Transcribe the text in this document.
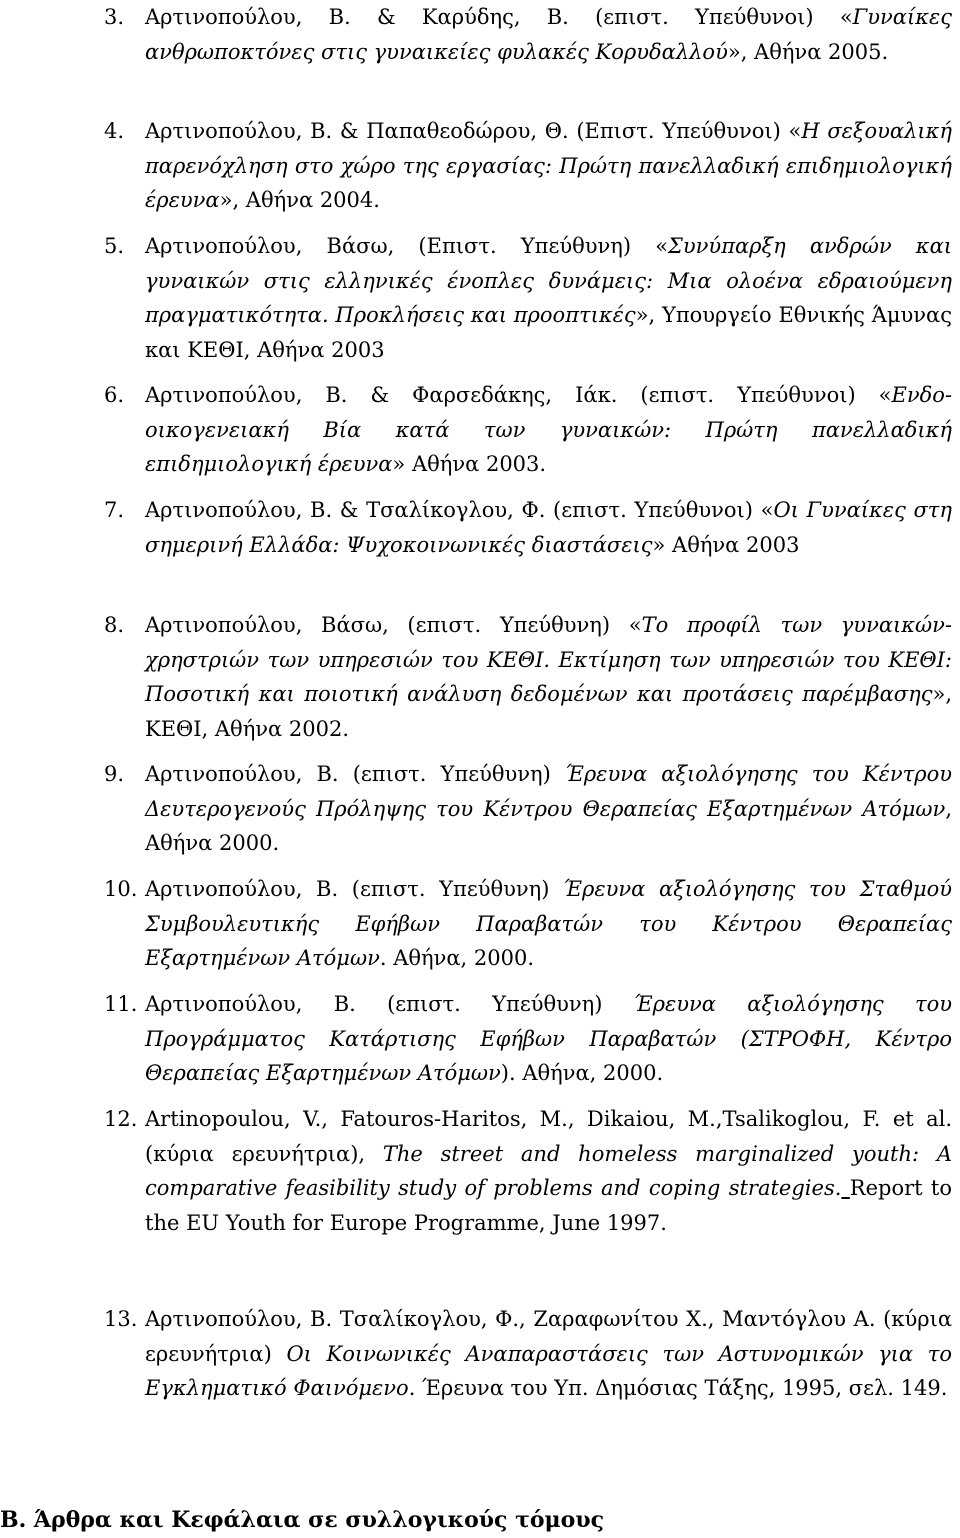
3. Αρτινοπούλου, Β. & Καρύδης, Β. (επιστ. Υπεύθυνοι) «Γυναίκες ανθρωποκτόνες στις γυναικείες φυλακές Κορυδαλλού», Αθήνα 2005.
4. Αρτινοπούλου, Β. & Παπαθεοδώρου, Θ. (Επιστ. Υπεύθυνοι) «Η σεξουαλική παρενόχληση στο χώρο της εργασίας: Πρώτη πανελλαδική επιδημιολογική έρευνα», Αθήνα 2004.
5. Αρτινοπούλου, Βάσω, (Επιστ. Υπεύθυνη) «Συνύπαρξη ανδρών και γυναικών στις ελληνικές ένοπλες δυνάμεις: Μια ολοένα εδραιούμενη πραγματικότητα. Προκλήσεις και προοπτικές», Υπουργείο Εθνικής Άμυνας και ΚΕΘΙ, Αθήνα 2003
6. Αρτινοπούλου, Β. & Φαρσεδάκης, Ιάκ. (επιστ. Υπεύθυνοι) «Ενδο-οικογενειακή Βία κατά των γυναικών: Πρώτη πανελλαδική επιδημιολογική έρευνα» Αθήνα 2003.
7. Αρτινοπούλου, Β. & Τσαλίκογλου, Φ. (επιστ. Υπεύθυνοι) «Οι Γυναίκες στη σημερινή Ελλάδα: Ψυχοκοινωνικές διαστάσεις» Αθήνα 2003
8. Αρτινοπούλου, Βάσω, (επιστ. Υπεύθυνη) «Το προφίλ των γυναικών-χρηστριών των υπηρεσιών του ΚΕΘΙ. Εκτίμηση των υπηρεσιών του ΚΕΘΙ: Ποσοτική και ποιοτική ανάλυση δεδομένων και προτάσεις παρέμβασης», ΚΕΘΙ, Αθήνα 2002.
9. Αρτινοπούλου, Β. (επιστ. Υπεύθυνη) Έρευνα αξιολόγησης του Κέντρου Δευτερογενούς Πρόληψης του Κέντρου Θεραπείας Εξαρτημένων Ατόμων, Αθήνα 2000.
10. Αρτινοπούλου, Β. (επιστ. Υπεύθυνη) Έρευνα αξιολόγησης του Σταθμού Συμβουλευτικής Εφήβων Παραβατών του Κέντρου Θεραπείας Εξαρτημένων Ατόμων. Αθήνα, 2000.
11. Αρτινοπούλου, Β. (επιστ. Υπεύθυνη) Έρευνα αξιολόγησης του Προγράμματος Κατάρτισης Εφήβων Παραβατών (ΣΤΡΟΦΗ, Κέντρο Θεραπείας Εξαρτημένων Ατόμων). Αθήνα, 2000.
12. Artinopoulou, V., Fatouros-Haritos, M., Dikaiou, M.,Tsalikoglou, F. et al. (κύρια ερευνήτρια), The street and homeless marginalized youth: A comparative feasibility study of problems and coping strategies. Report to the EU Youth for Europe Programme, June 1997.
13. Αρτινοπούλου, Β. Τσαλίκογλου, Φ., Ζαραφωνίτου Χ., Μαντόγλου Α. (κύρια ερευνήτρια) Οι Κοινωνικές Αναπαραστάσεις των Αστυνομικών για το Εγκληματικό Φαινόμενο. Έρευνα του Υπ. Δημόσιας Τάξης, 1995, σελ. 149.
Β. Άρθρα και Κεφάλαια σε συλλογικούς τόμους
